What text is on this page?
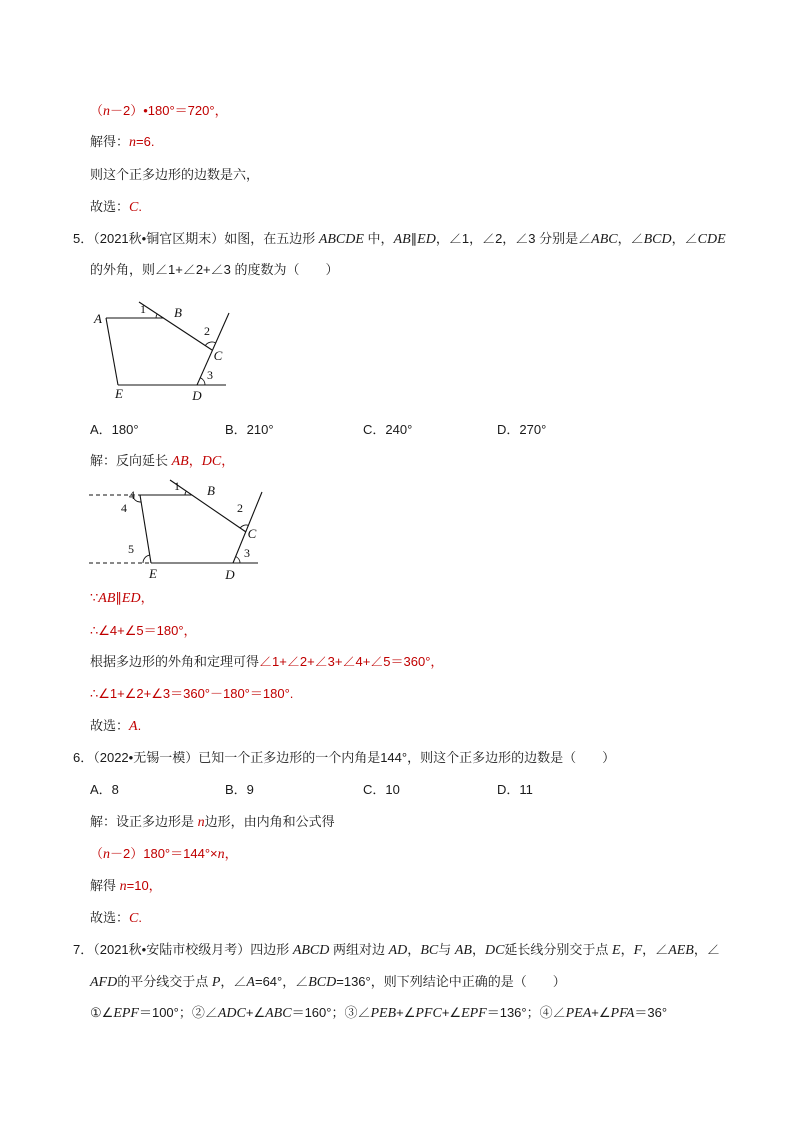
（n－2）•180°＝720°，
解得：n=6.
则这个正多边形的边数是六，
故选：C.
5．（2021秋•铜官区期末）如图，在五边形 ABCDE 中，AB∥ED，∠1，∠2，∠3 分别是∠ABC，∠BCD，∠CDE
的外角，则∠1+∠2+∠3 的度数为（　　）
A
1 B
2
C
3
E	D
A．180°	B．210°	C．240°	D．270°
解：反向延长 AB，DC，
4
4
1 B
2
C
5	3
E	D
∵AB∥ED，
∴∠4+∠5＝180°，
根据多边形的外角和定理可得∠1+∠2+∠3+∠4+∠5＝360°，
∴∠1+∠2+∠3＝360°－180°＝180°.
故选：A.
6．（2022•无锡一模）已知一个正多边形的一个内角是144°，则这个正多边形的边数是（　　）
A．8	B．9	C．10	D．11
解：设正多边形是 n边形，由内角和公式得
（n－2）180°＝144°×n，
解得 n=10，
故选：C.
7．（2021秋•安陆市校级月考）四边形 ABCD 两组对边 AD，BC与 AB，DC延长线分别交于点 E，F，∠AEB，∠
AFD的平分线交于点 P，∠A=64°，∠BCD=136°，则下列结论中正确的是（　　）
①∠EPF＝100°；②∠ADC+∠ABC＝160°；③∠PEB+∠PFC+∠EPF＝136°；④∠PEA+∠PFA＝36°
